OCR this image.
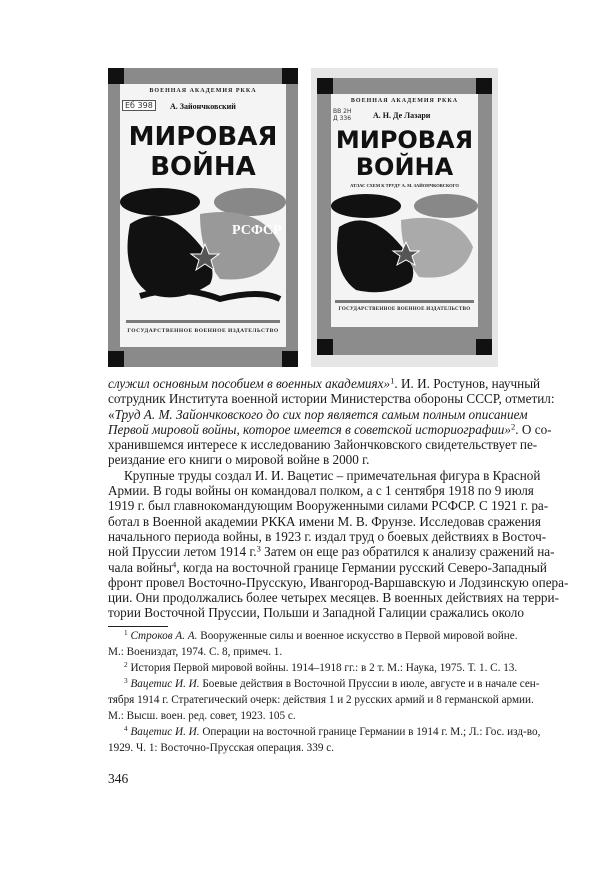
ВОЕННАЯ АКАДЕМИЯ РККА
Еб 398	А. Зайончковский
МИРОВАЯ
ВОЙНА
РСФСР
ГОСУДАРСТВЕННОЕ ВОЕННОЕ ИЗДАТЕЛЬСТВО
ВОЕННАЯ АКАДЕМИЯ РККА
ВВ 2Н Д 336	А. Н. Де Лазари
МИРОВАЯ
ВОЙНА
АТЛАС СХЕМ К ТРУДУ А. М. ЗАЙОНЧКОВСКОГО
ГОСУДАРСТВЕННОЕ ВОЕННОЕ ИЗДАТЕЛЬСТВО
служил основным пособием в военных академиях»$^1$. И. И. Ростунов, научный
сотрудник Института военной истории Министерства обороны СССР, отметил:
«Труд А. М. Зайончковского до сих пор является самым полным описанием
Первой мировой войны, которое имеется в советской историографии»$^2$. О со-
хранившемся интересе к исследованию Зайончковского свидетельствует пе-
реиздание его книги о мировой войне в 2000 г.
Крупные труды создал И. И. Вацетис – примечательная фигура в Красной
Армии. В годы войны он командовал полком, а с 1 сентября 1918 по 9 июля
1919 г. был главнокомандующим Вооруженными силами РСФСР. С 1921 г. ра-
ботал в Военной академии РККА имени М. В. Фрунзе. Исследовав сражения
начального периода войны, в 1923 г. издал труд о боевых действиях в Восточ-
ной Пруссии летом 1914 г.$^3$ Затем он еще раз обратился к анализу сражений на-
чала войны$^4$, когда на восточной границе Германии русский Северо-Западный
фронт провел Восточно-Прусскую, Ивангород-Варшавскую и Лодзинскую опера-
ции. Они продолжались более четырех месяцев. В военных действиях на терри-
тории Восточной Пруссии, Польши и Западной Галиции сражались около
$^1$ Строков А. А. Вооруженные силы и военное искусство в Первой мировой войне.
М.: Воениздат, 1974. С. 8, примеч. 1.
$^2$ История Первой мировой войны. 1914–1918 гг.: в 2 т. М.: Наука, 1975. Т. 1. С. 13.
$^3$ Вацетис И. И. Боевые действия в Восточной Пруссии в июле, августе и в начале сен-
тября 1914 г. Стратегический очерк: действия 1 и 2 русских армий и 8 германской армии.
М.: Высш. воен. ред. совет, 1923. 105 с.
$^4$ Вацетис И. И. Операции на восточной границе Германии в 1914 г. М.; Л.: Гос. изд-во,
1929. Ч. 1: Восточно-Прусская операция. 339 с.
346
